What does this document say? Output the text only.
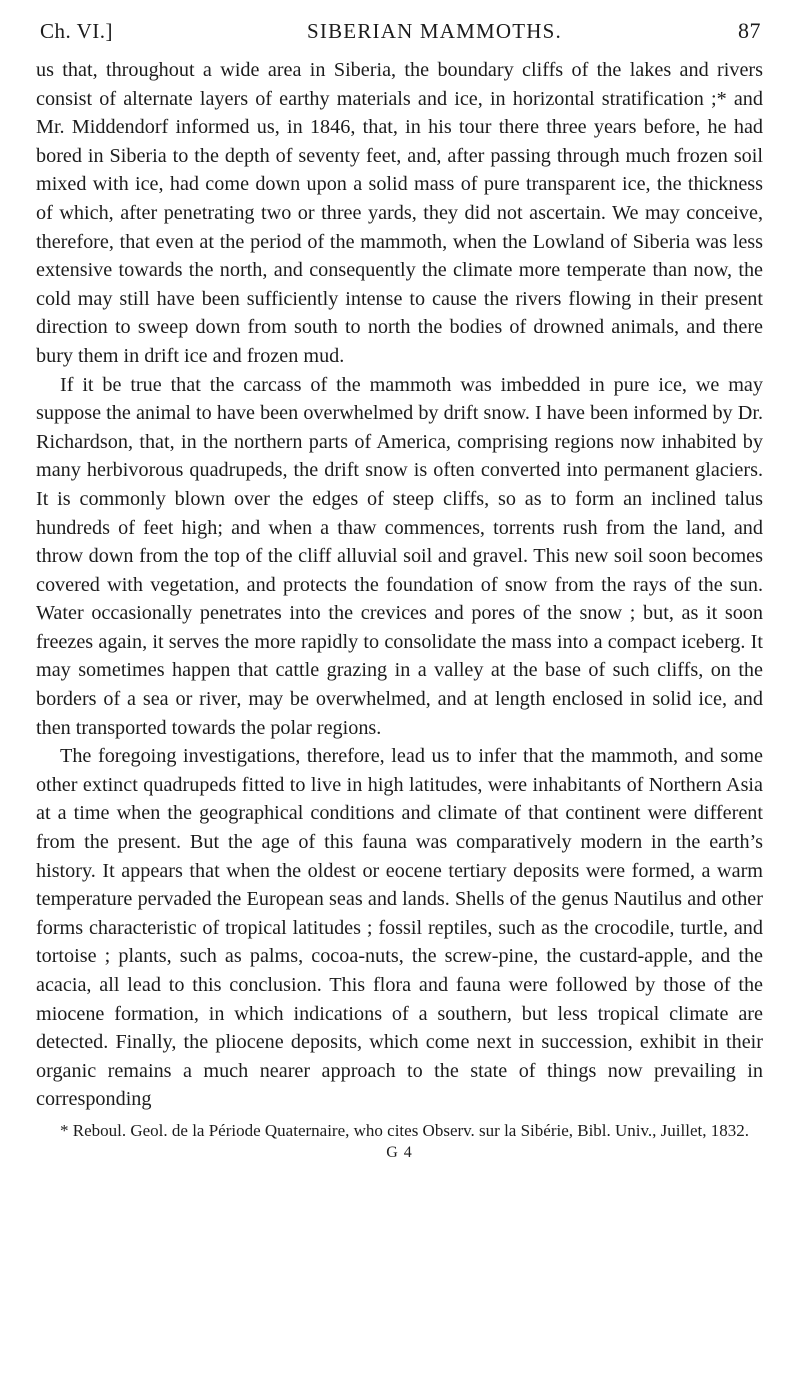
Ch. VI.]	SIBERIAN MAMMOTHS.	87

us that, throughout a wide area in Siberia, the boundary cliffs of the lakes and rivers consist of alternate layers of earthy materials and ice, in horizontal stratification ;* and Mr. Middendorf informed us, in 1846, that, in his tour there three years before, he had bored in Siberia to the depth of seventy feet, and, after passing through much frozen soil mixed with ice, had come down upon a solid mass of pure transparent ice, the thickness of which, after penetrating two or three yards, they did not ascertain. We may conceive, therefore, that even at the period of the mammoth, when the Lowland of Siberia was less extensive towards the north, and consequently the climate more temperate than now, the cold may still have been sufficiently intense to cause the rivers flowing in their present direction to sweep down from south to north the bodies of drowned animals, and there bury them in drift ice and frozen mud.

If it be true that the carcass of the mammoth was imbedded in pure ice, we may suppose the animal to have been overwhelmed by drift snow. I have been informed by Dr. Richardson, that, in the northern parts of America, comprising regions now inhabited by many herbivorous quadrupeds, the drift snow is often converted into permanent glaciers. It is commonly blown over the edges of steep cliffs, so as to form an inclined talus hundreds of feet high; and when a thaw commences, torrents rush from the land, and throw down from the top of the cliff alluvial soil and gravel. This new soil soon becomes covered with vegetation, and protects the foundation of snow from the rays of the sun. Water occasionally penetrates into the crevices and pores of the snow ; but, as it soon freezes again, it serves the more rapidly to consolidate the mass into a compact iceberg. It may sometimes happen that cattle grazing in a valley at the base of such cliffs, on the borders of a sea or river, may be overwhelmed, and at length enclosed in solid ice, and then transported towards the polar regions.

The foregoing investigations, therefore, lead us to infer that the mammoth, and some other extinct quadrupeds fitted to live in high latitudes, were inhabitants of Northern Asia at a time when the geographical conditions and climate of that continent were different from the present. But the age of this fauna was comparatively modern in the earth’s history. It appears that when the oldest or eocene tertiary deposits were formed, a warm temperature pervaded the European seas and lands. Shells of the genus Nautilus and other forms characteristic of tropical latitudes ; fossil reptiles, such as the crocodile, turtle, and tortoise ; plants, such as palms, cocoa-nuts, the screw-pine, the custard-apple, and the acacia, all lead to this conclusion. This flora and fauna were followed by those of the miocene formation, in which indications of a southern, but less tropical climate are detected. Finally, the pliocene deposits, which come next in succession, exhibit in their organic remains a much nearer approach to the state of things now prevailing in corresponding

* Reboul. Geol. de la Période Quaternaire, who cites Observ. sur la Sibérie, Bibl. Univ., Juillet, 1832.

G 4
